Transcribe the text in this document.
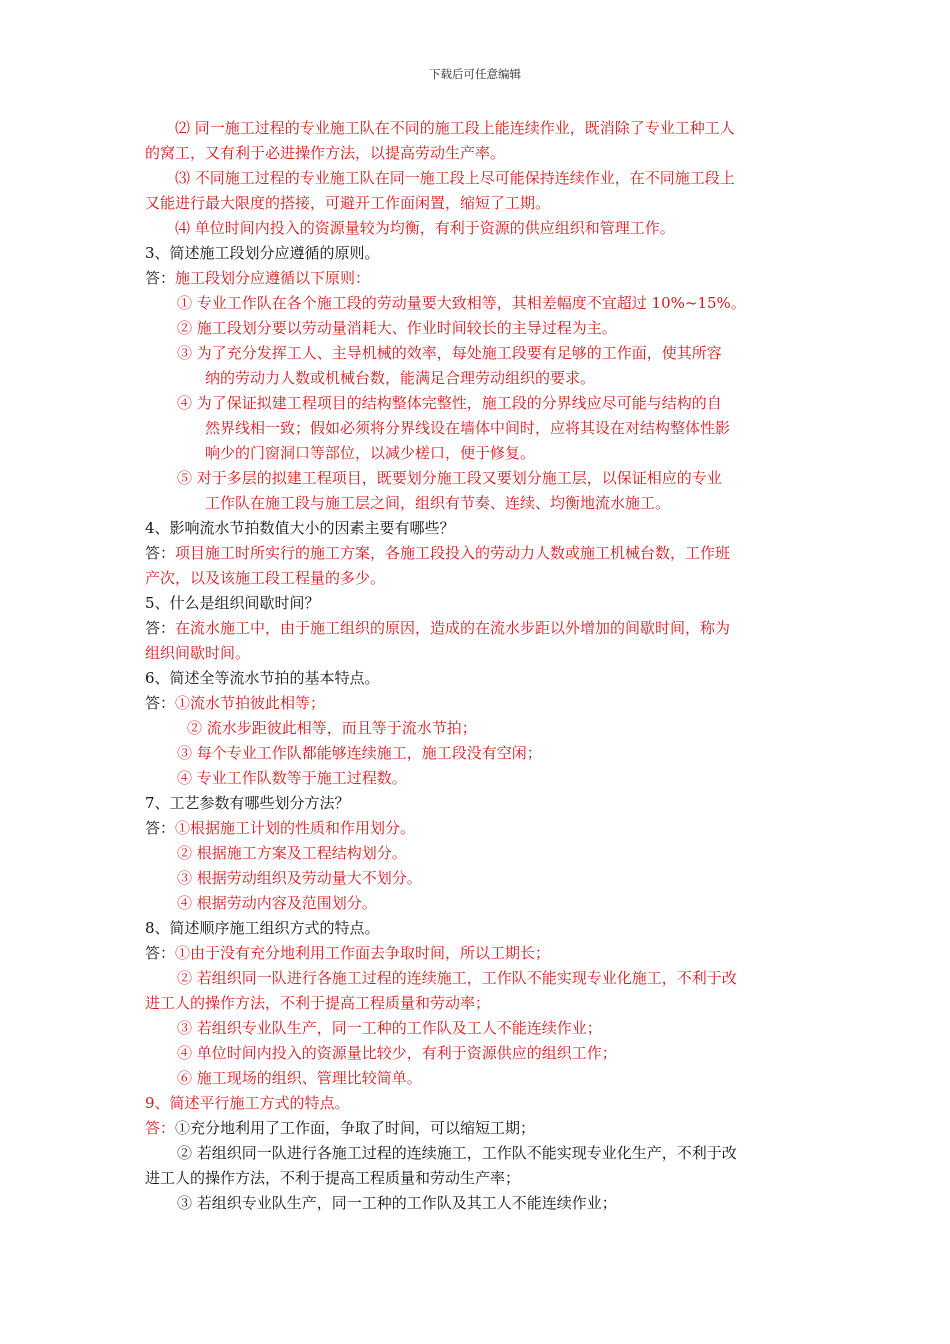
下载后可任意编辑
⑵ 同一施工过程的专业施工队在不同的施工段上能连续作业，既消除了专业工种工人
的窝工，又有利于必进操作方法，以提高劳动生产率。
⑶ 不同施工过程的专业施工队在同一施工段上尽可能保持连续作业，在不同施工段上
又能进行最大限度的搭接，可避开工作面闲置，缩短了工期。
⑷ 单位时间内投入的资源量较为均衡，有利于资源的供应组织和管理工作。
3、简述施工段划分应遵循的原则。
答：施工段划分应遵循以下原则：
① 专业工作队在各个施工段的劳动量要大致相等，其相差幅度不宜超过 10%~15%。
② 施工段划分要以劳动量消耗大、作业时间较长的主导过程为主。
③ 为了充分发挥工人、主导机械的效率，每处施工段要有足够的工作面，使其所容
纳的劳动力人数或机械台数，能满足合理劳动组织的要求。
④ 为了保证拟建工程项目的结构整体完整性，施工段的分界线应尽可能与结构的自
然界线相一致；假如必须将分界线设在墙体中间时，应将其设在对结构整体性影
响少的门窗洞口等部位，以减少槎口，便于修复。
⑤ 对于多层的拟建工程项目，既要划分施工段又要划分施工层，以保证相应的专业
工作队在施工段与施工层之间，组织有节奏、连续、均衡地流水施工。
4、影响流水节拍数值大小的因素主要有哪些？
答：项目施工时所实行的施工方案，各施工段投入的劳动力人数或施工机械台数，工作班
产次，以及该施工段工程量的多少。
5、什么是组织间歇时间？
答：在流水施工中，由于施工组织的原因，造成的在流水步距以外增加的间歇时间，称为
组织间歇时间。
6、简述全等流水节拍的基本特点。
答：①流水节拍彼此相等；
② 流水步距彼此相等，而且等于流水节拍；
③ 每个专业工作队都能够连续施工，施工段没有空闲；
④ 专业工作队数等于施工过程数。
7、工艺参数有哪些划分方法？
答：①根据施工计划的性质和作用划分。
② 根据施工方案及工程结构划分。
③ 根据劳动组织及劳动量大不划分。
④ 根据劳动内容及范围划分。
8、简述顺序施工组织方式的特点。
答：①由于没有充分地利用工作面去争取时间，所以工期长；
② 若组织同一队进行各施工过程的连续施工，工作队不能实现专业化施工，不利于改
进工人的操作方法，不利于提高工程质量和劳动率；
③ 若组织专业队生产，同一工种的工作队及工人不能连续作业；
④ 单位时间内投入的资源量比较少，有利于资源供应的组织工作；
⑥ 施工现场的组织、管理比较简单。
9、简述平行施工方式的特点。
答：①充分地利用了工作面，争取了时间，可以缩短工期；
② 若组织同一队进行各施工过程的连续施工，工作队不能实现专业化生产，不利于改
进工人的操作方法，不利于提高工程质量和劳动生产率；
③ 若组织专业队生产，同一工种的工作队及其工人不能连续作业；
